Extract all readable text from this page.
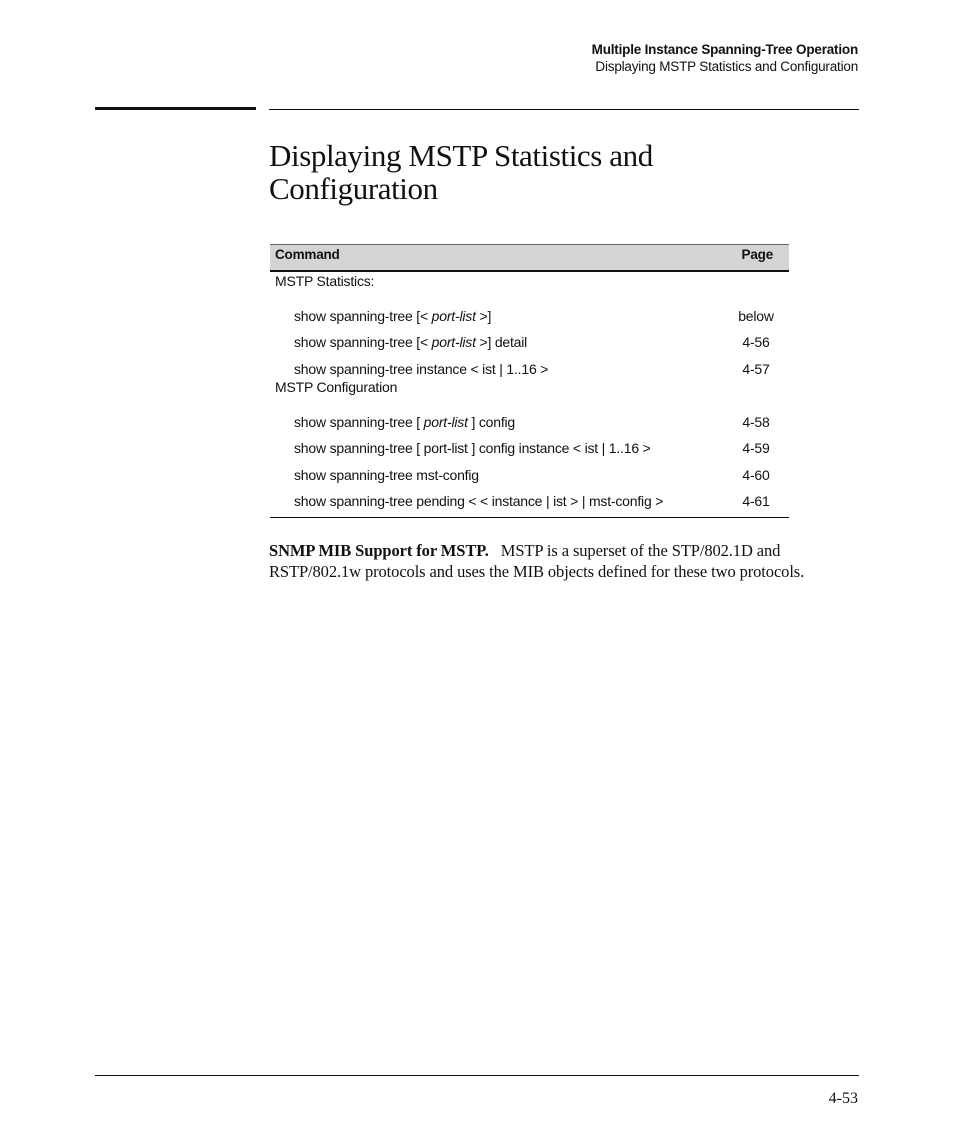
Multiple Instance Spanning-Tree Operation
Displaying MSTP Statistics and Configuration
Displaying MSTP Statistics and
Configuration
Command	Page
MSTP Statistics:
show spanning-tree [< port-list >]	below
show spanning-tree [< port-list >] detail	4-56
show spanning-tree instance < ist | 1..16 >	4-57
MSTP Configuration
show spanning-tree [ port-list ] config	4-58
show spanning-tree [ port-list ] config instance < ist | 1..16 >	4-59
show spanning-tree mst-config	4-60
show spanning-tree pending < < instance | ist > | mst-config >	4-61

SNMP MIB Support for MSTP. MSTP is a superset of the STP/802.1D and RSTP/802.1w protocols and uses the MIB objects defined for these two protocols.

4-53
